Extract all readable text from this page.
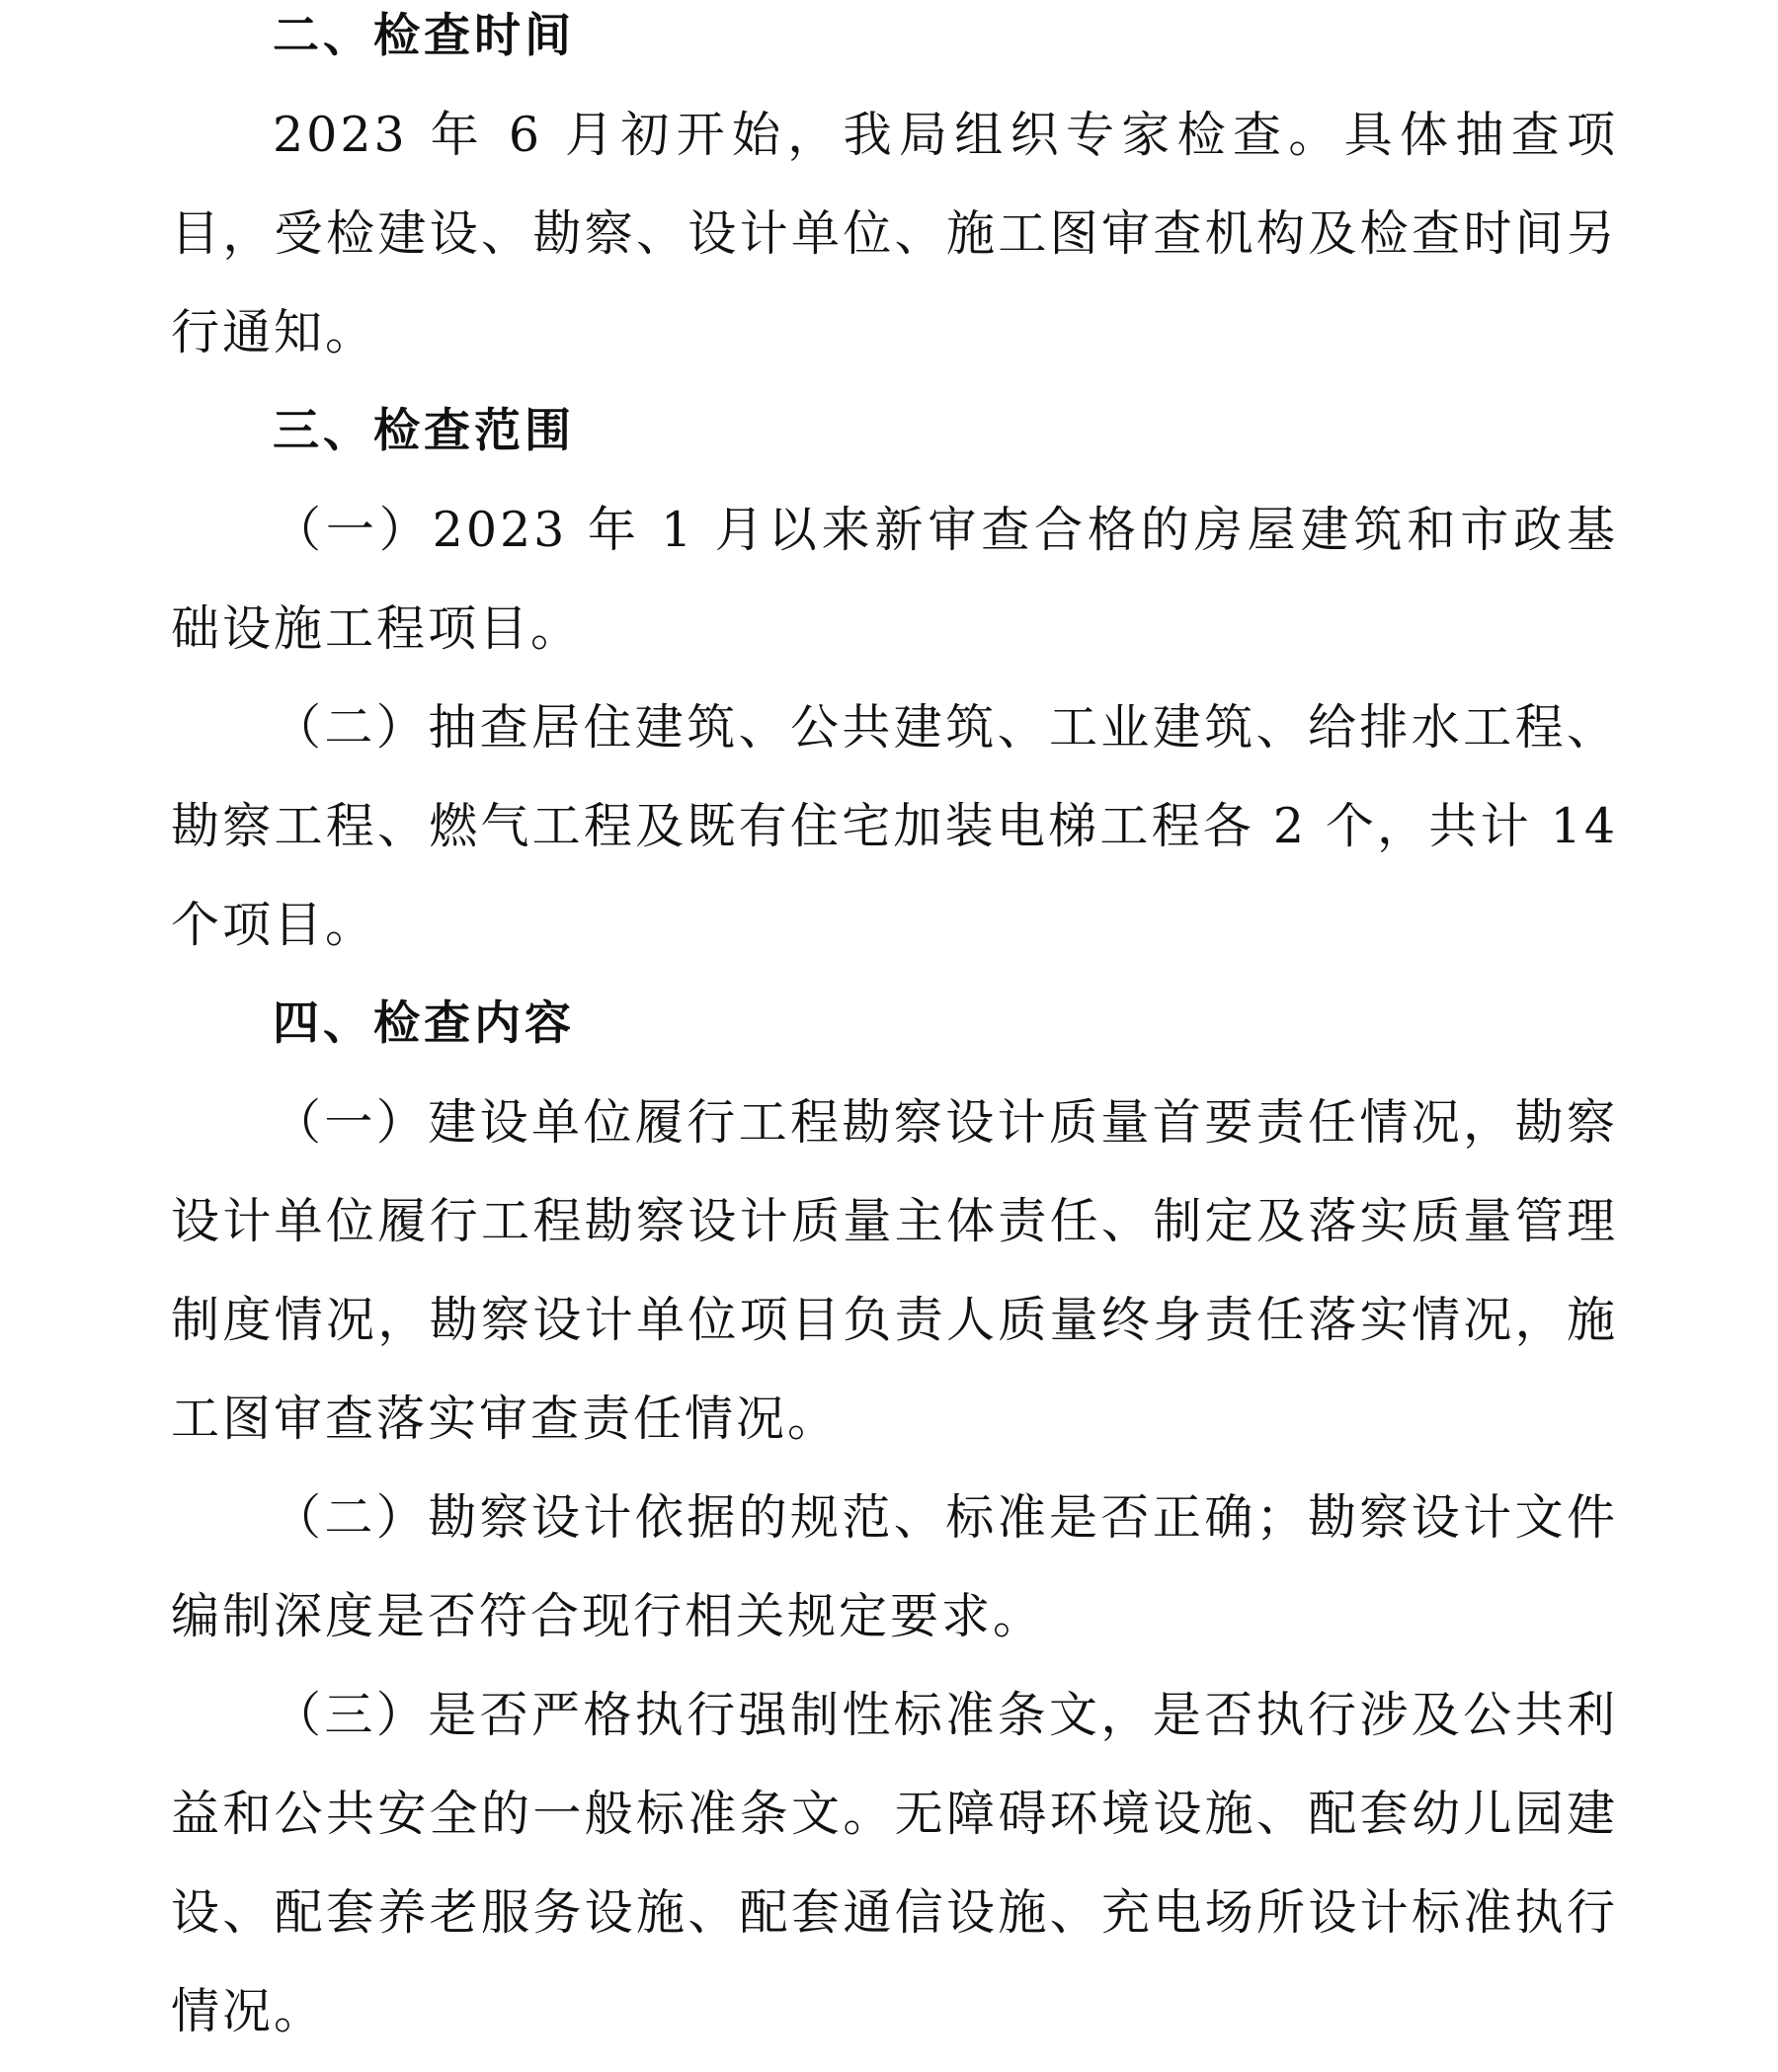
二、检查时间

2023 年 6 月初开始，我局组织专家检查。具体抽查项目，受检建设、勘察、设计单位、施工图审查机构及检查时间另行通知。

三、检查范围

（一）2023 年 1 月以来新审查合格的房屋建筑和市政基础设施工程项目。

（二）抽查居住建筑、公共建筑、工业建筑、给排水工程、勘察工程、燃气工程及既有住宅加装电梯工程各 2 个，共计 14 个项目。

四、检查内容

（一）建设单位履行工程勘察设计质量首要责任情况，勘察设计单位履行工程勘察设计质量主体责任、制定及落实质量管理制度情况，勘察设计单位项目负责人质量终身责任落实情况，施工图审查落实审查责任情况。

（二）勘察设计依据的规范、标准是否正确；勘察设计文件编制深度是否符合现行相关规定要求。

（三）是否严格执行强制性标准条文，是否执行涉及公共利益和公共安全的一般标准条文。无障碍环境设施、配套幼儿园建设、配套养老服务设施、配套通信设施、充电场所设计标准执行情况。
